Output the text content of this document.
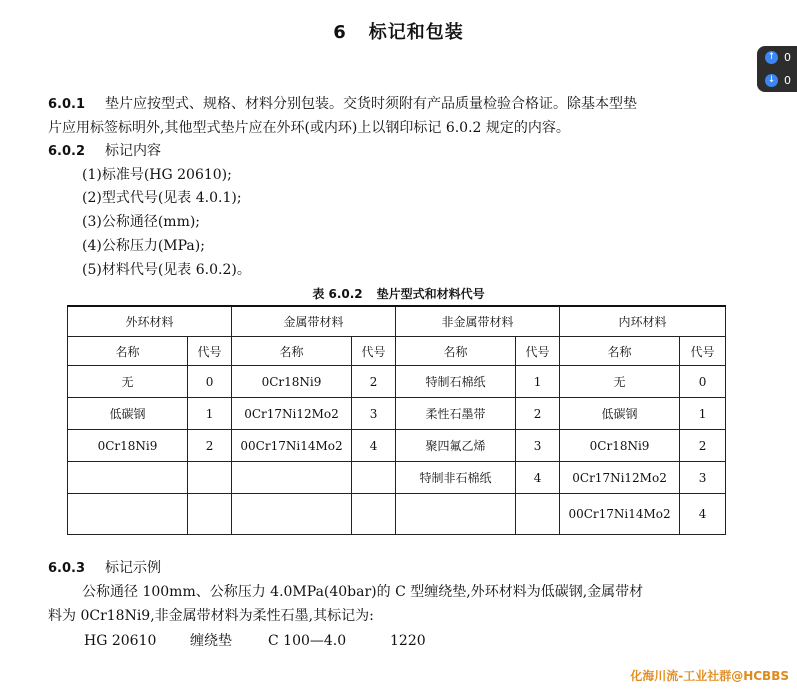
6 标记和包装
6.0.1 垫片应按型式、规格、材料分别包装。交货时须附有产品质量检验合格证。除基本型垫
片应用标签标明外,其他型式垫片应在外环(或内环)上以钢印标记 6.0.2 规定的内容。
6.0.2 标记内容
(1)标准号(HG 20610);
(2)型式代号(见表 4.0.1);
(3)公称通径(mm);
(4)公称压力(MPa);
(5)材料代号(见表 6.0.2)。
表 6.0.2 垫片型式和材料代号
外环材料		金属带材料		非金属带材料		内环材料	
名称	代号	名称	代号	名称	代号	名称	代号
无	0	0Cr18Ni9	2	特制石棉纸	1	无	0
低碳钢	1	0Cr17Ni12Mo2	3	柔性石墨带	2	低碳钢	1
0Cr18Ni9	2	00Cr17Ni14Mo2	4	聚四氟乙烯	3	0Cr18Ni9	2
				特制非石棉纸	4	0Cr17Ni12Mo2	3
						00Cr17Ni14Mo2	4
6.0.3 标记示例
公称通径 100mm、公称压力 4.0MPa(40bar)的 C 型缠绕垫,外环材料为低碳钢,金属带材
料为 0Cr18Ni9,非金属带材料为柔性石墨,其标记为:
HG 20610 缠绕垫	C 100—4.0	1220
↑ 0
↓ 0
化海川流-工业社群@HCBBS
